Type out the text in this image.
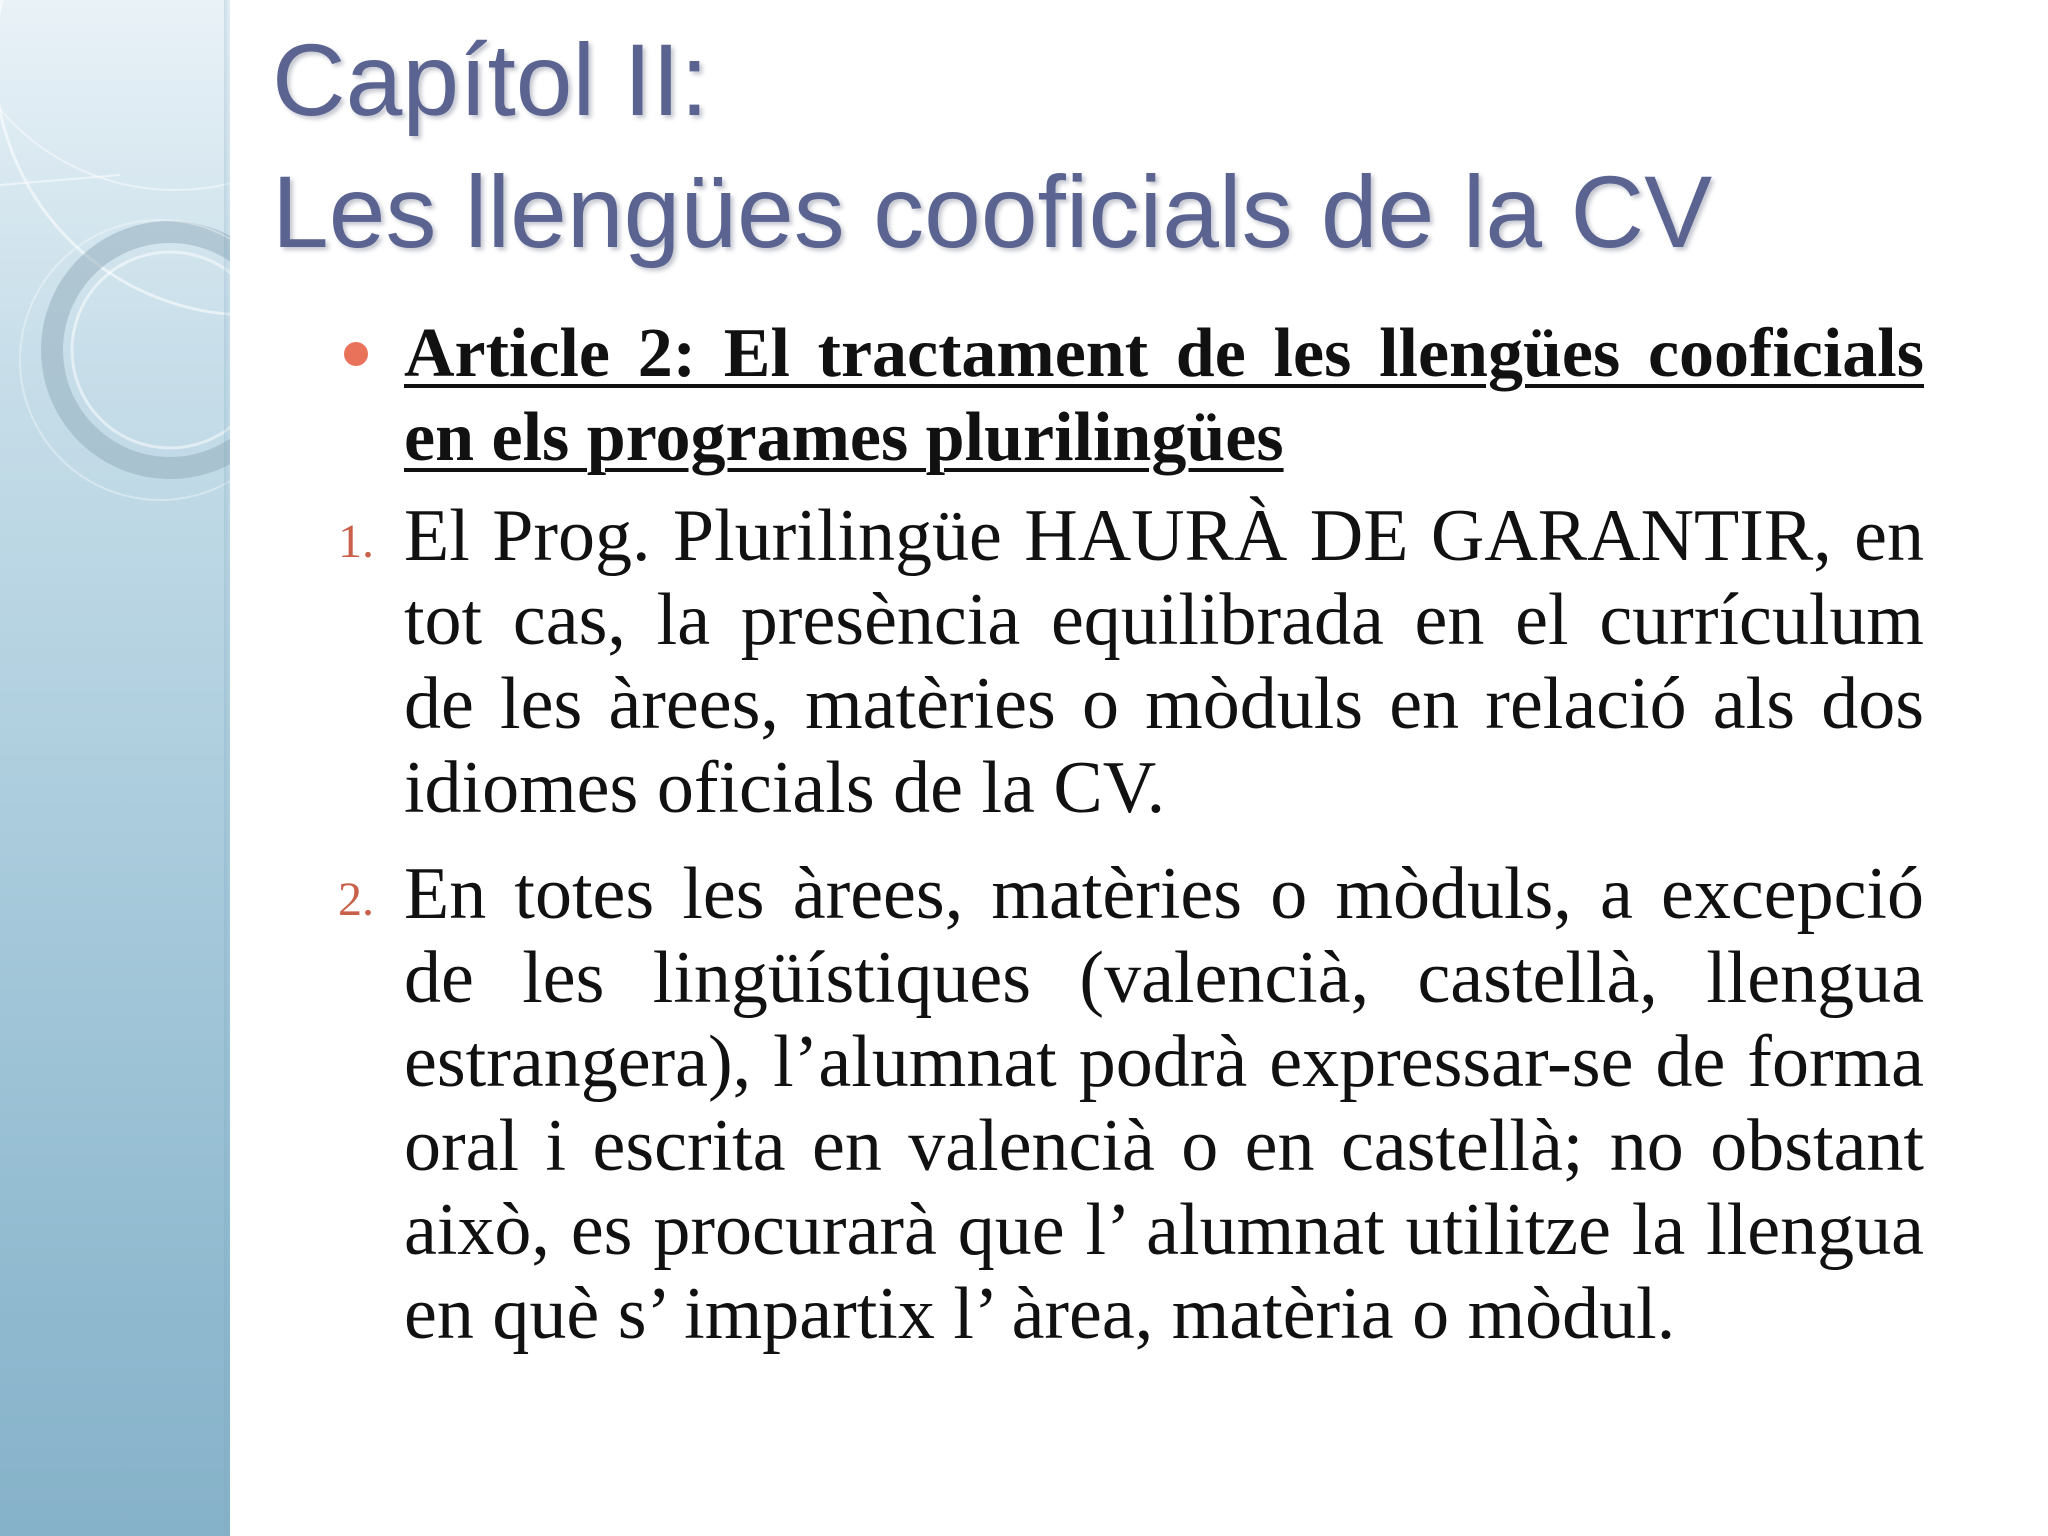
Capítol II:
Les llengües cooficials de la CV
Article 2: El tractament de les llengües cooficials en els programes plurilingües
1. El Prog. Plurilingüe HAURÀ DE GARANTIR, en tot cas, la presència equilibrada en el currículum de les àrees, matèries o mòduls en relació als dos idiomes oficials de la CV.
2. En totes les àrees, matèries o mòduls, a excepció de les lingüístiques (valencià, castellà, llengua estrangera), l’alumnat podrà expressar-se de forma oral i escrita en valencià o en castellà; no obstant això, es procurarà que l’ alumnat utilitze la llengua en què s’ impartix l’ àrea, matèria o mòdul.
